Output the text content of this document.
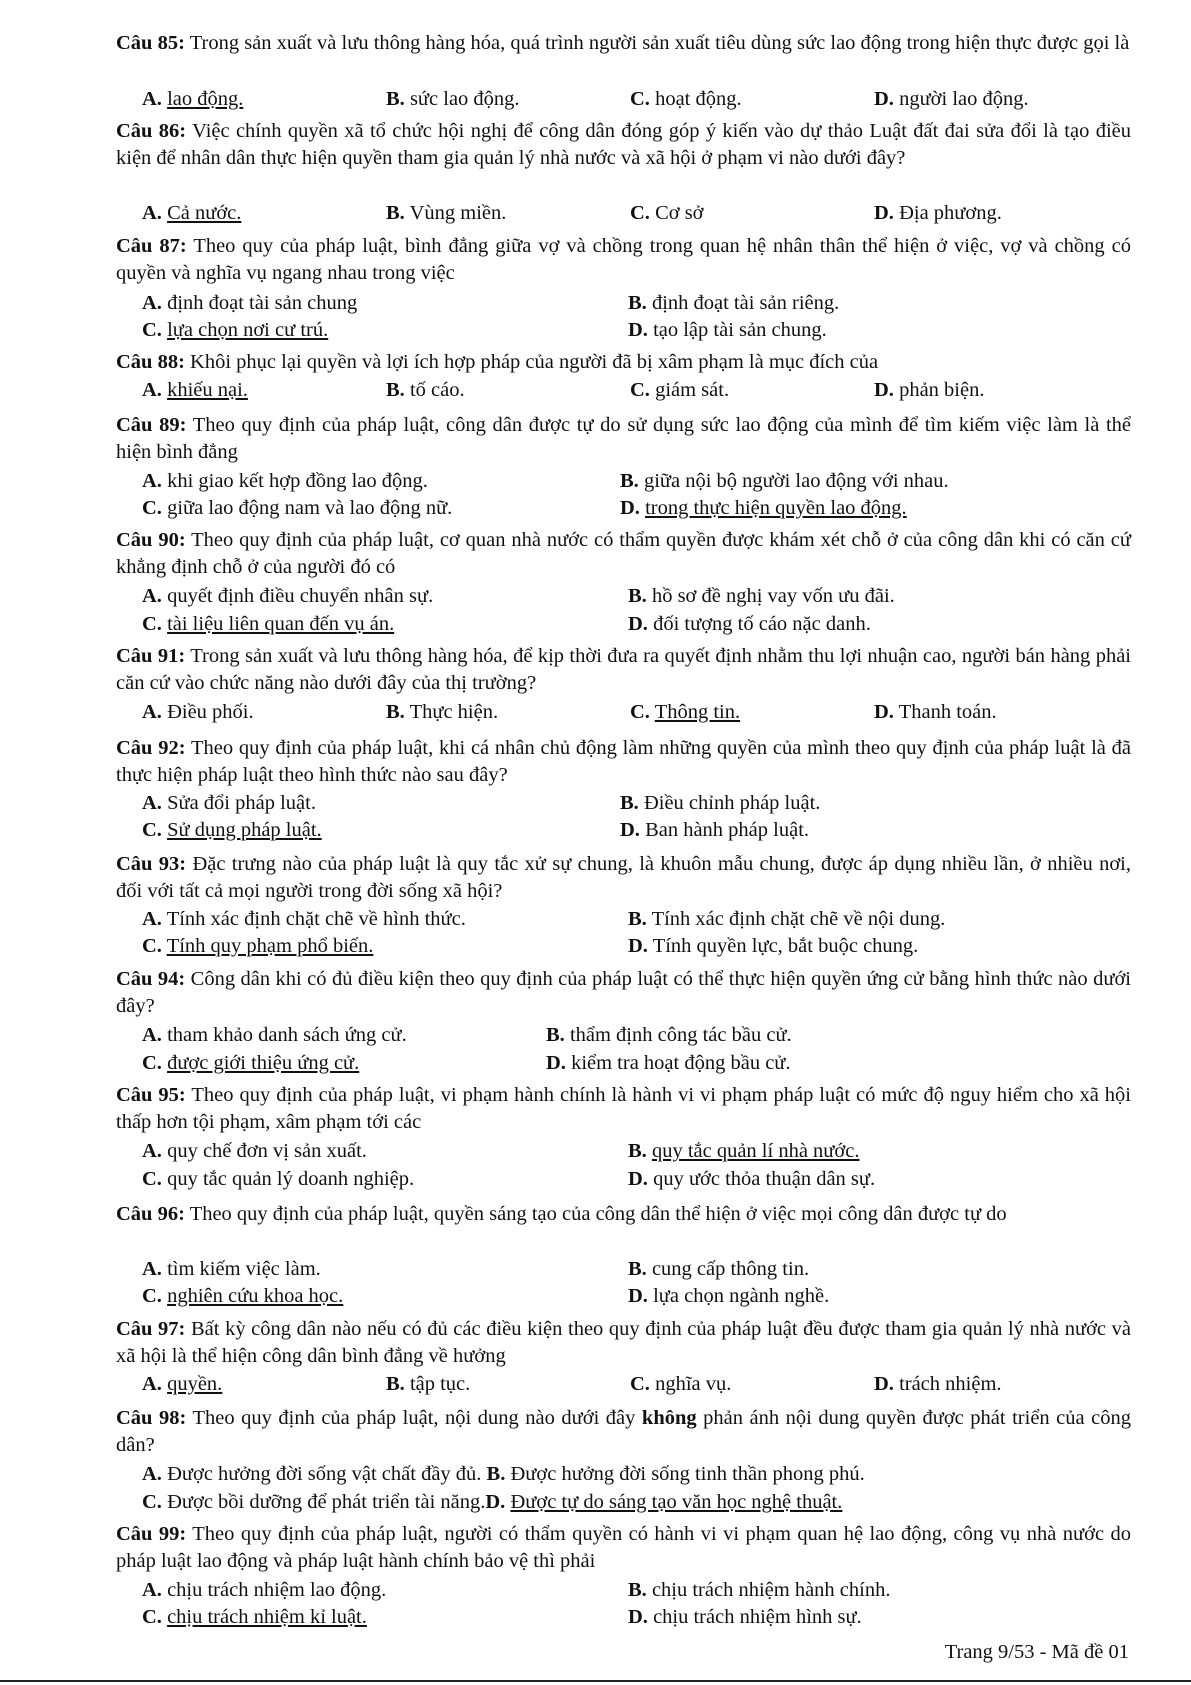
Câu 85: Trong sản xuất và lưu thông hàng hóa, quá trình người sản xuất tiêu dùng sức lao động trong hiện thực được gọi là
A. lao động.	B. sức lao động.	C. hoạt động.	D. người lao động.
Câu 86: Việc chính quyền xã tổ chức hội nghị để công dân đóng góp ý kiến vào dự thảo Luật đất đai sửa đổi là tạo điều kiện để nhân dân thực hiện quyền tham gia quản lý nhà nước và xã hội ở phạm vi nào dưới đây?
A. Cả nước.	B. Vùng miền.	C. Cơ sở	D. Địa phương.
Câu 87: Theo quy của pháp luật, bình đẳng giữa vợ và chồng trong quan hệ nhân thân thể hiện ở việc, vợ và chồng có quyền và nghĩa vụ ngang nhau trong việc
A. định đoạt tài sản chung	B. định đoạt tài sản riêng.
C. lựa chọn nơi cư trú.	D. tạo lập tài sản chung.
Câu 88: Khôi phục lại quyền và lợi ích hợp pháp của người đã bị xâm phạm là mục đích của
A. khiếu nại.	B. tố cáo.	C. giám sát.	D. phản biện.
Câu 89: Theo quy định của pháp luật, công dân được tự do sử dụng sức lao động của mình để tìm kiếm việc làm là thể hiện bình đẳng
A. khi giao kết hợp đồng lao động.	B. giữa nội bộ người lao động với nhau.
C. giữa lao động nam và lao động nữ.	D. trong thực hiện quyền lao động.
Câu 90: Theo quy định của pháp luật, cơ quan nhà nước có thẩm quyền được khám xét chỗ ở của công dân khi có căn cứ khẳng định chỗ ở của người đó có
A. quyết định điều chuyển nhân sự.	B. hồ sơ đề nghị vay vốn ưu đãi.
C. tài liệu liên quan đến vụ án.	D. đối tượng tố cáo nặc danh.
Câu 91: Trong sản xuất và lưu thông hàng hóa, để kịp thời đưa ra quyết định nhằm thu lợi nhuận cao, người bán hàng phải căn cứ vào chức năng nào dưới đây của thị trường?
A. Điều phối.	B. Thực hiện.	C. Thông tin.	D. Thanh toán.
Câu 92: Theo quy định của pháp luật, khi cá nhân chủ động làm những quyền của mình theo quy định của pháp luật là đã thực hiện pháp luật theo hình thức nào sau đây?
A. Sửa đổi pháp luật.	B. Điều chỉnh pháp luật.
C. Sử dụng pháp luật.	D. Ban hành pháp luật.
Câu 93: Đặc trưng nào của pháp luật là quy tắc xử sự chung, là khuôn mẫu chung, được áp dụng nhiều lần, ở nhiều nơi, đối với tất cả mọi người trong đời sống xã hội?
A. Tính xác định chặt chẽ về hình thức.	B. Tính xác định chặt chẽ về nội dung.
C. Tính quy phạm phổ biến.	D. Tính quyền lực, bắt buộc chung.
Câu 94: Công dân khi có đủ điều kiện theo quy định của pháp luật có thể thực hiện quyền ứng cử bằng hình thức nào dưới đây?
A. tham khảo danh sách ứng cử.	B. thẩm định công tác bầu cử.
C. được giới thiệu ứng cử.	D. kiểm tra hoạt động bầu cử.
Câu 95: Theo quy định của pháp luật, vi phạm hành chính là hành vi vi phạm pháp luật có mức độ nguy hiểm cho xã hội thấp hơn tội phạm, xâm phạm tới các
A. quy chế đơn vị sản xuất.	B. quy tắc quản lí nhà nước.
C. quy tắc quản lý doanh nghiệp.	D. quy ước thỏa thuận dân sự.
Câu 96: Theo quy định của pháp luật, quyền sáng tạo của công dân thể hiện ở việc mọi công dân được tự do
A. tìm kiếm việc làm.	B. cung cấp thông tin.
C. nghiên cứu khoa học.	D. lựa chọn ngành nghề.
Câu 97: Bất kỳ công dân nào nếu có đủ các điều kiện theo quy định của pháp luật đều được tham gia quản lý nhà nước và xã hội là thể hiện công dân bình đẳng về hưởng
A. quyền.	B. tập tục.	C. nghĩa vụ.	D. trách nhiệm.
Câu 98: Theo quy định của pháp luật, nội dung nào dưới đây không phản ánh nội dung quyền được phát triển của công dân?
A. Được hưởng đời sống vật chất đầy đủ. B. Được hưởng đời sống tinh thần phong phú.
C. Được bồi dưỡng để phát triển tài năng.D. Được tự do sáng tạo văn học nghệ thuật.
Câu 99: Theo quy định của pháp luật, người có thẩm quyền có hành vi vi phạm quan hệ lao động, công vụ nhà nước do pháp luật lao động và pháp luật hành chính bảo vệ thì phải
A. chịu trách nhiệm lao động.	B. chịu trách nhiệm hành chính.
C. chịu trách nhiệm kỉ luật.	D. chịu trách nhiệm hình sự.
Trang 9/53 - Mã đề 01
